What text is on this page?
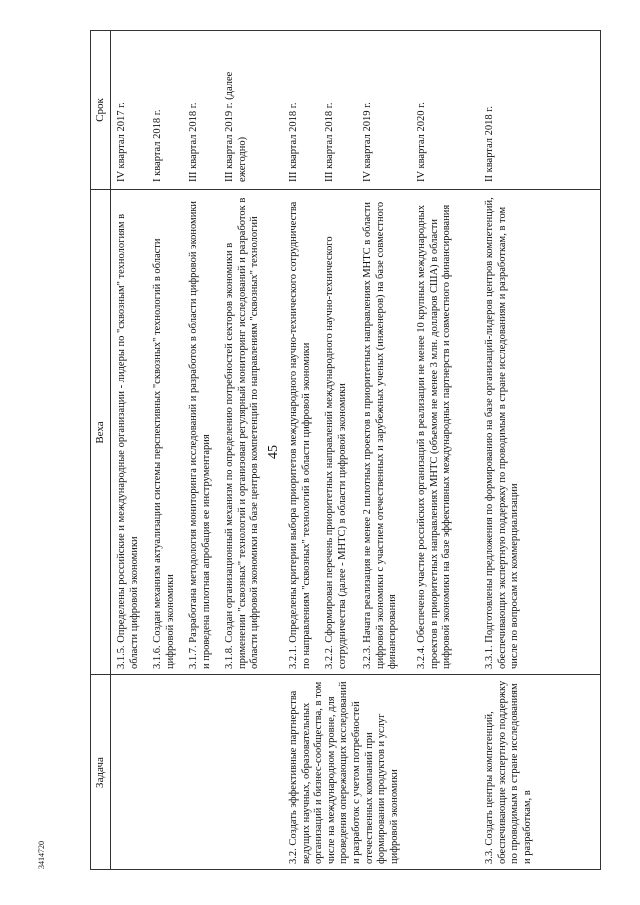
45
3414720
Задача
Веха
Срок
3.1.5. Определены российские и международные организации - лидеры по "сквозным" технологиям в области цифровой экономики
IV квартал 2017 г.
3.1.6. Создан механизм актуализации системы перспективных "сквозных" технологий в области цифровой экономики
I квартал 2018 г.
3.1.7. Разработана методология мониторинга исследований и разработок в области цифровой экономики и проведена пилотная апробация ее инструментария
III квартал 2018 г.
3.1.8. Создан организационный механизм по определению потребностей секторов экономики в применении "сквозных" технологий и организован регулярный мониторинг исследований и разработок в области цифровой экономики на базе центров компетенций по направлениям "сквозных" технологий
III квартал 2019 г. (далее ежегодно)
3.2. Создать эффективные партнерства ведущих научных, образовательных организаций и бизнес-сообщества, в том числе на международном уровне, для проведения опережающих исследований и разработок с учетом потребностей отечественных компаний при формировании продуктов и услуг цифровой экономики
3.2.1. Определены критерии выбора приоритетов международного научно-технического сотрудничества по направлениям "сквозных" технологий в области цифровой экономики
III квартал 2018 г.
3.2.2. Сформирован перечень приоритетных направлений международного научно-технического сотрудничества (далее - МНТС) в области цифровой экономики
III квартал 2018 г.
3.2.3. Начата реализация не менее 2 пилотных проектов в приоритетных направлениях МНТС в области цифровой экономики с участием отечественных и зарубежных ученых (инженеров) на базе совместного финансирования
IV квартал 2019 г.
3.2.4. Обеспечено участие российских организаций в реализации не менее 10 крупных международных проектов в приоритетных направлениях МНТС (объемом не менее 3 млн. долларов США) в области цифровой экономики на базе эффективных международных партнерств и совместного финансирования
IV квартал 2020 г.
3.3. Создать центры компетенций, обеспечивающие экспертную поддержку по проводимым в стране исследованиям и разработкам, в
3.3.1. Подготовлены предложения по формированию на базе организаций-лидеров центров компетенций, обеспечивающих экспертную поддержку по проводимым в стране исследованиям и разработкам, в том числе по вопросам их коммерциализации
II квартал 2018 г.
